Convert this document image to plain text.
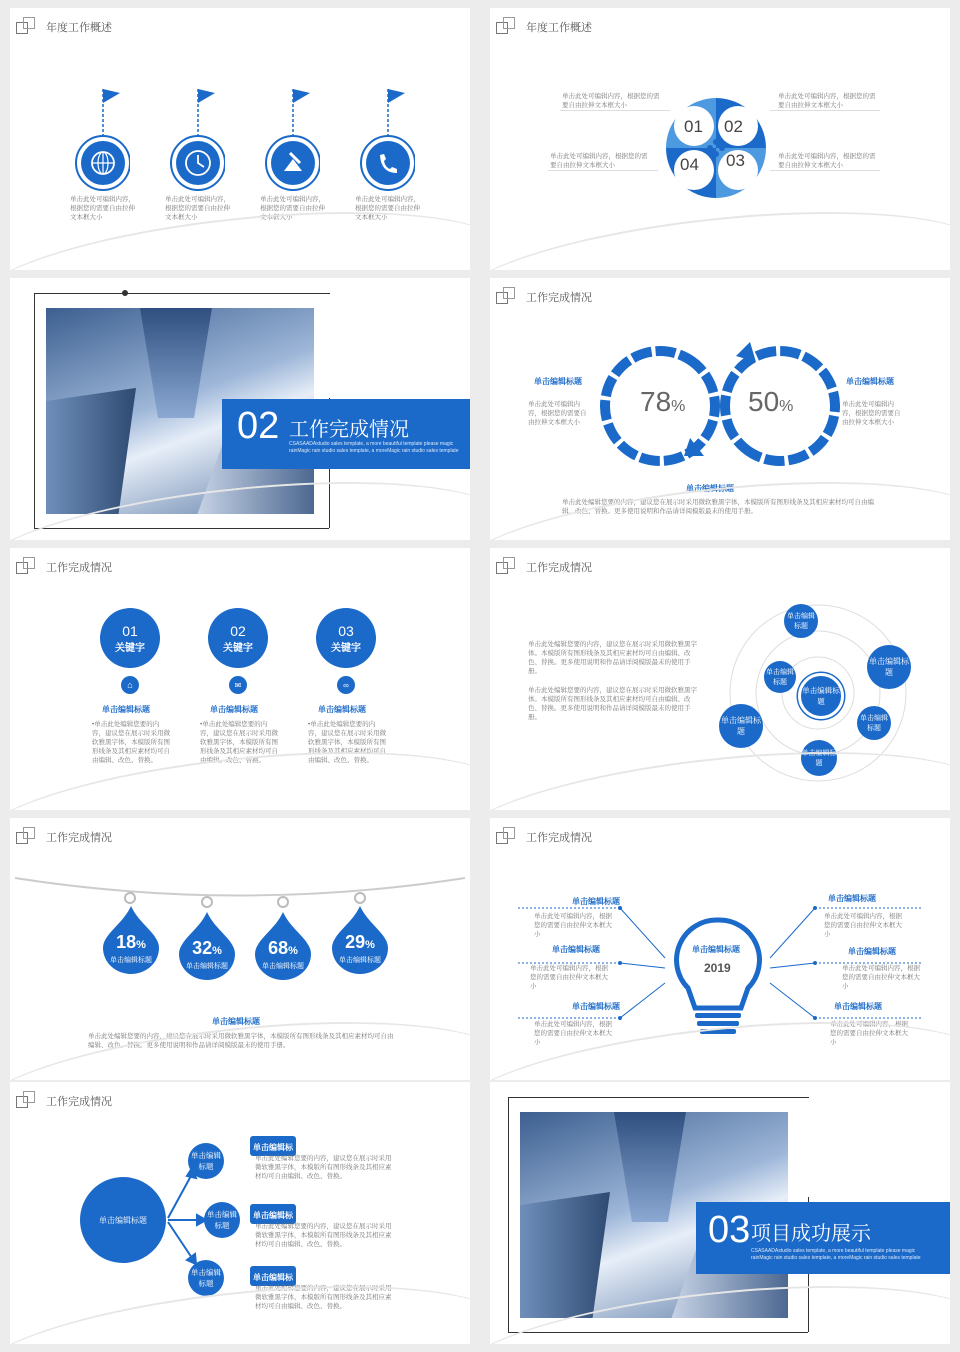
年度工作概述
单击此处可编辑内容，根据您的需要自由拉伸文本框大小
单击此处可编辑内容，根据您的需要自由拉伸文本框大小
单击此处可编辑内容，根据您的需要自由拉伸文本框大小
单击此处可编辑内容，根据您的需要自由拉伸文本框大小
年度工作概述
单击此处可编辑内容，根据您的需要自由拉伸文本框大小
单击此处可编辑内容，根据您的需要自由拉伸文本框大小
单击此处可编辑内容，根据您的需要自由拉伸文本框大小
单击此处可编辑内容，根据您的需要自由拉伸文本框大小
01 02
04 03
02 工作完成情况
CSASAADAstudio sales template, a more beautiful template please magic rainMagic rain studio sales template, a moreMagic rain studio sales template
工作完成情况
78% 50%
单击编辑标题
单击此处可编辑内容，根据您的需要自由拉伸文本框大小
单击编辑标题
单击此处可编辑内容，根据您的需要自由拉伸文本框大小
单击编辑标题
单击此处编辑您要的内容，建议您在展示时采用微软雅黑字体，本模版所有图形线条及其相应素材均可自由编辑、改色、替换。更多使用说明和作品请详阅模版最末的使用手册。
工作完成情况
01
关键字
⌂
单击编辑标题
•单击此处编辑您要的内容，建议您在展示时采用微软雅黑字体，本模版所有图形线条及其相应素材均可自由编辑、改色、替换。
02
关键字
✉
单击编辑标题
•单击此处编辑您要的内容，建议您在展示时采用微软雅黑字体，本模版所有图形线条及其相应素材均可自由编辑、改色、替换。
03
关键字
∞
单击编辑标题
•单击此处编辑您要的内容，建议您在展示时采用微软雅黑字体，本模版所有图形线条及其相应素材均可自由编辑、改色、替换。
工作完成情况
单击此处编辑您要的内容，建议您在展示时采用微软雅黑字体。本模版所有图形线条及其相应素材均可自由编辑、改色、替换。更多使用说明和作品请详阅模版最末的使用手册。
单击此处编辑您要的内容，建议您在展示时采用微软雅黑字体。本模版所有图形线条及其相应素材均可自由编辑、改色、替换。更多使用说明和作品请详阅模版最末的使用手册。
单击编辑标题
单击编辑标题
单击编辑标题
单击编辑标题
单击编辑标题
单击编辑标题
单击编辑标题
工作完成情况
18%
单击编辑标题
32%
单击编辑标题
68%
单击编辑标题
29%
单击编辑标题
单击编辑标题
单击此处编辑您要的内容，建议您在展示时采用微软雅黑字体，本模版所有图形线条及其相应素材均可自由编辑、改色、替换。更多使用说明和作品请详阅模版最末的使用手册。
工作完成情况
单击编辑标题
2019
单击编辑标题
单击此处可编辑内容，根据您的需要自由拉伸文本框大小
单击编辑标题
单击此处可编辑内容，根据您的需要自由拉伸文本框大小
单击编辑标题
单击此处可编辑内容，根据您的需要自由拉伸文本框大小
单击编辑标题
单击此处可编辑内容，根据您的需要自由拉伸文本框大小
单击编辑标题
单击此处可编辑内容，根据您的需要自由拉伸文本框大小
单击编辑标题
单击此处可编辑内容，根据您的需要自由拉伸文本框大小
工作完成情况
单击编辑标题
单击编辑标题
单击编辑标题
单击编辑标题
单击编辑标
单击此处编辑您要的内容，建议您在展示时采用微软雅黑字体，本模版所有图形线条及其相应素材均可自由编辑、改色、替换。
单击编辑标
单击此处编辑您要的内容，建议您在展示时采用微软雅黑字体，本模版所有图形线条及其相应素材均可自由编辑、改色、替换。
单击编辑标
单击此处编辑您要的内容，建议您在展示时采用微软雅黑字体，本模版所有图形线条及其相应素材均可自由编辑、改色、替换。
03 项目成功展示
CSASAADAstudio sales template, a more beautiful template please magic rainMagic rain studio sales template, a moreMagic rain studio sales template
